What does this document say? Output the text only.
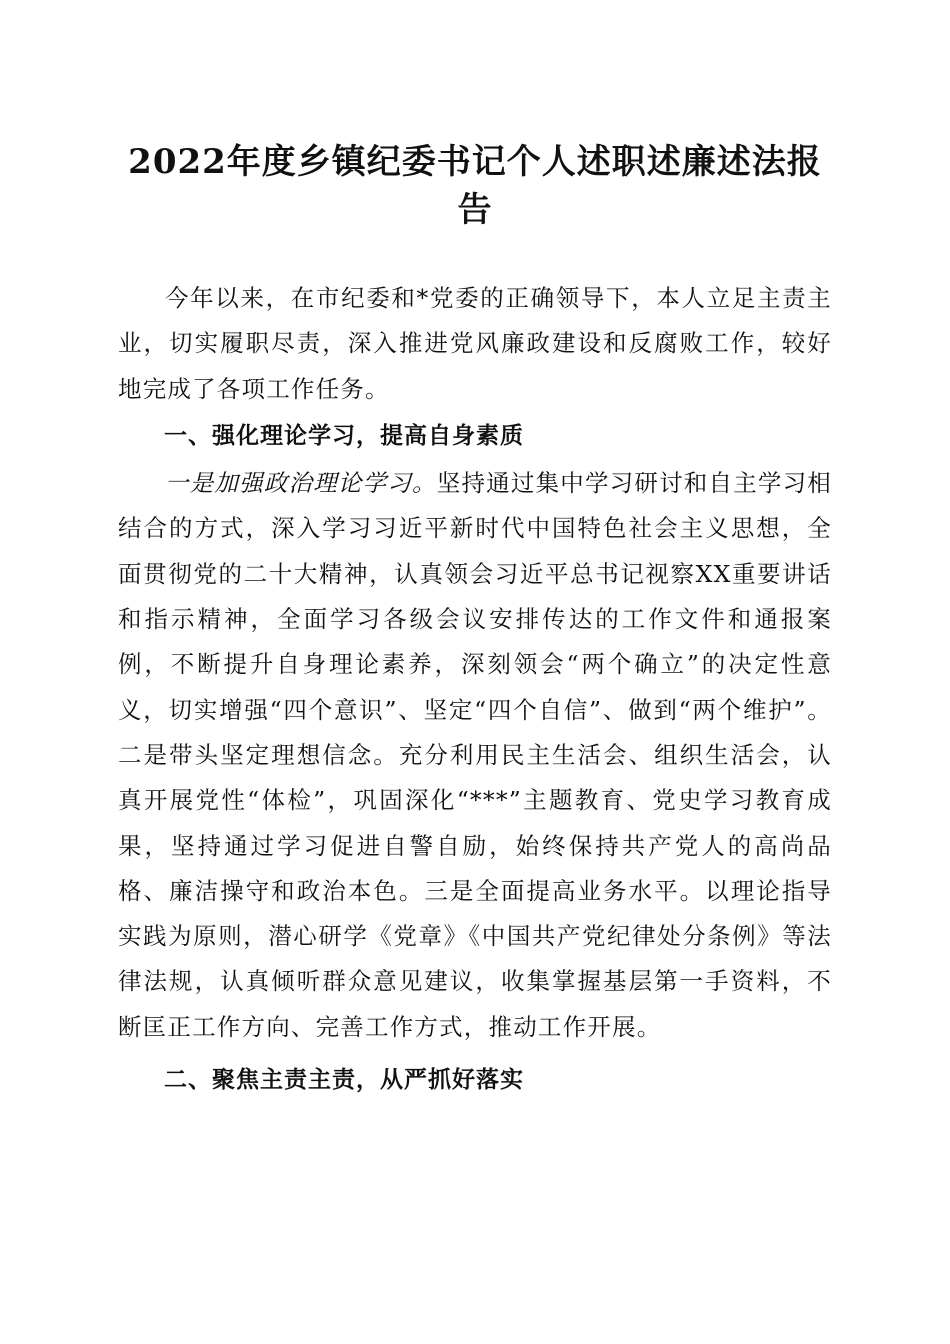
2022年度乡镇纪委书记个人述职述廉述法报告

今年以来，在市纪委和*党委的正确领导下，本人立足主责主业，切实履职尽责，深入推进党风廉政建设和反腐败工作，较好地完成了各项工作任务。

一、强化理论学习，提高自身素质

一是加强政治理论学习。坚持通过集中学习研讨和自主学习相结合的方式，深入学习习近平新时代中国特色社会主义思想，全面贯彻党的二十大精神，认真领会习近平总书记视察XX重要讲话和指示精神，全面学习各级会议安排传达的工作文件和通报案例，不断提升自身理论素养，深刻领会“两个确立”的决定性意义，切实增强“四个意识”、坚定“四个自信”、做到“两个维护”。二是带头坚定理想信念。充分利用民主生活会、组织生活会，认真开展党性“体检”，巩固深化“***”主题教育、党史学习教育成果，坚持通过学习促进自警自励，始终保持共产党人的高尚品格、廉洁操守和政治本色。三是全面提高业务水平。以理论指导实践为原则，潜心研学《党章》《中国共产党纪律处分条例》等法律法规，认真倾听群众意见建议，收集掌握基层第一手资料，不断匡正工作方向、完善工作方式，推动工作开展。

二、聚焦主责主责，从严抓好落实
